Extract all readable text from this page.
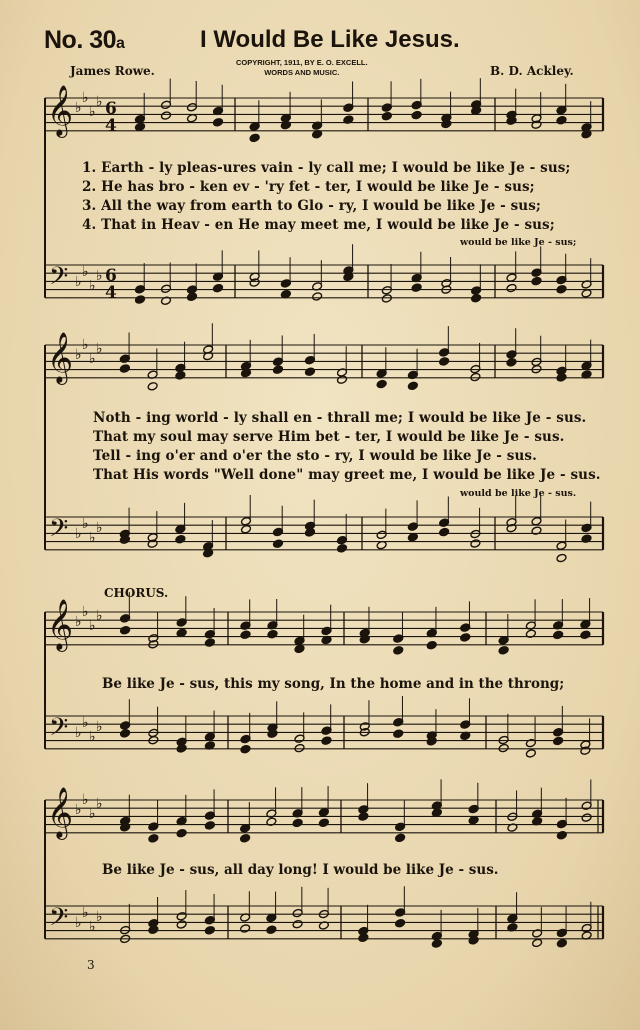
𝄞
𝄢
♭
♭
♭
♭
♭
♭
♭
♭
6
4
6
4
𝄞
𝄢
♭
♭
♭
♭
♭
♭
♭
♭
𝄞
𝄢
♭
♭
♭
♭
♭
♭
♭
♭
𝄞
𝄢
♭
♭
♭
♭
♭
♭
♭
♭
No. 30a	I Would Be Like Jesus.
James Rowe.
COPYRIGHT, 1911, BY E. O. EXCELL.
WORDS AND MUSIC.	B. D. Ackley.
1. Earth - ly pleas-ures vain - ly call me; I would be like Je - sus;
2. He has bro - ken ev - 'ry fet - ter, I would be like Je - sus;
3. All the way from earth to Glo - ry, I would be like Je - sus;
4. That in Heav - en He may meet me, I would be like Je - sus;
would be like Je - sus;
Noth - ing world - ly shall en - thrall me; I would be like Je - sus.
That my soul may serve Him bet - ter, I would be like Je - sus.
Tell - ing o'er and o'er the sto - ry, I would be like Je - sus.
That His words "Well done" may greet me, I would be like Je - sus.
would be like Je - sus.
CHORUS.
Be like Je - sus, this my song, In the home and in the throng;
Be like Je - sus, all day long! I would be like Je - sus.
3
